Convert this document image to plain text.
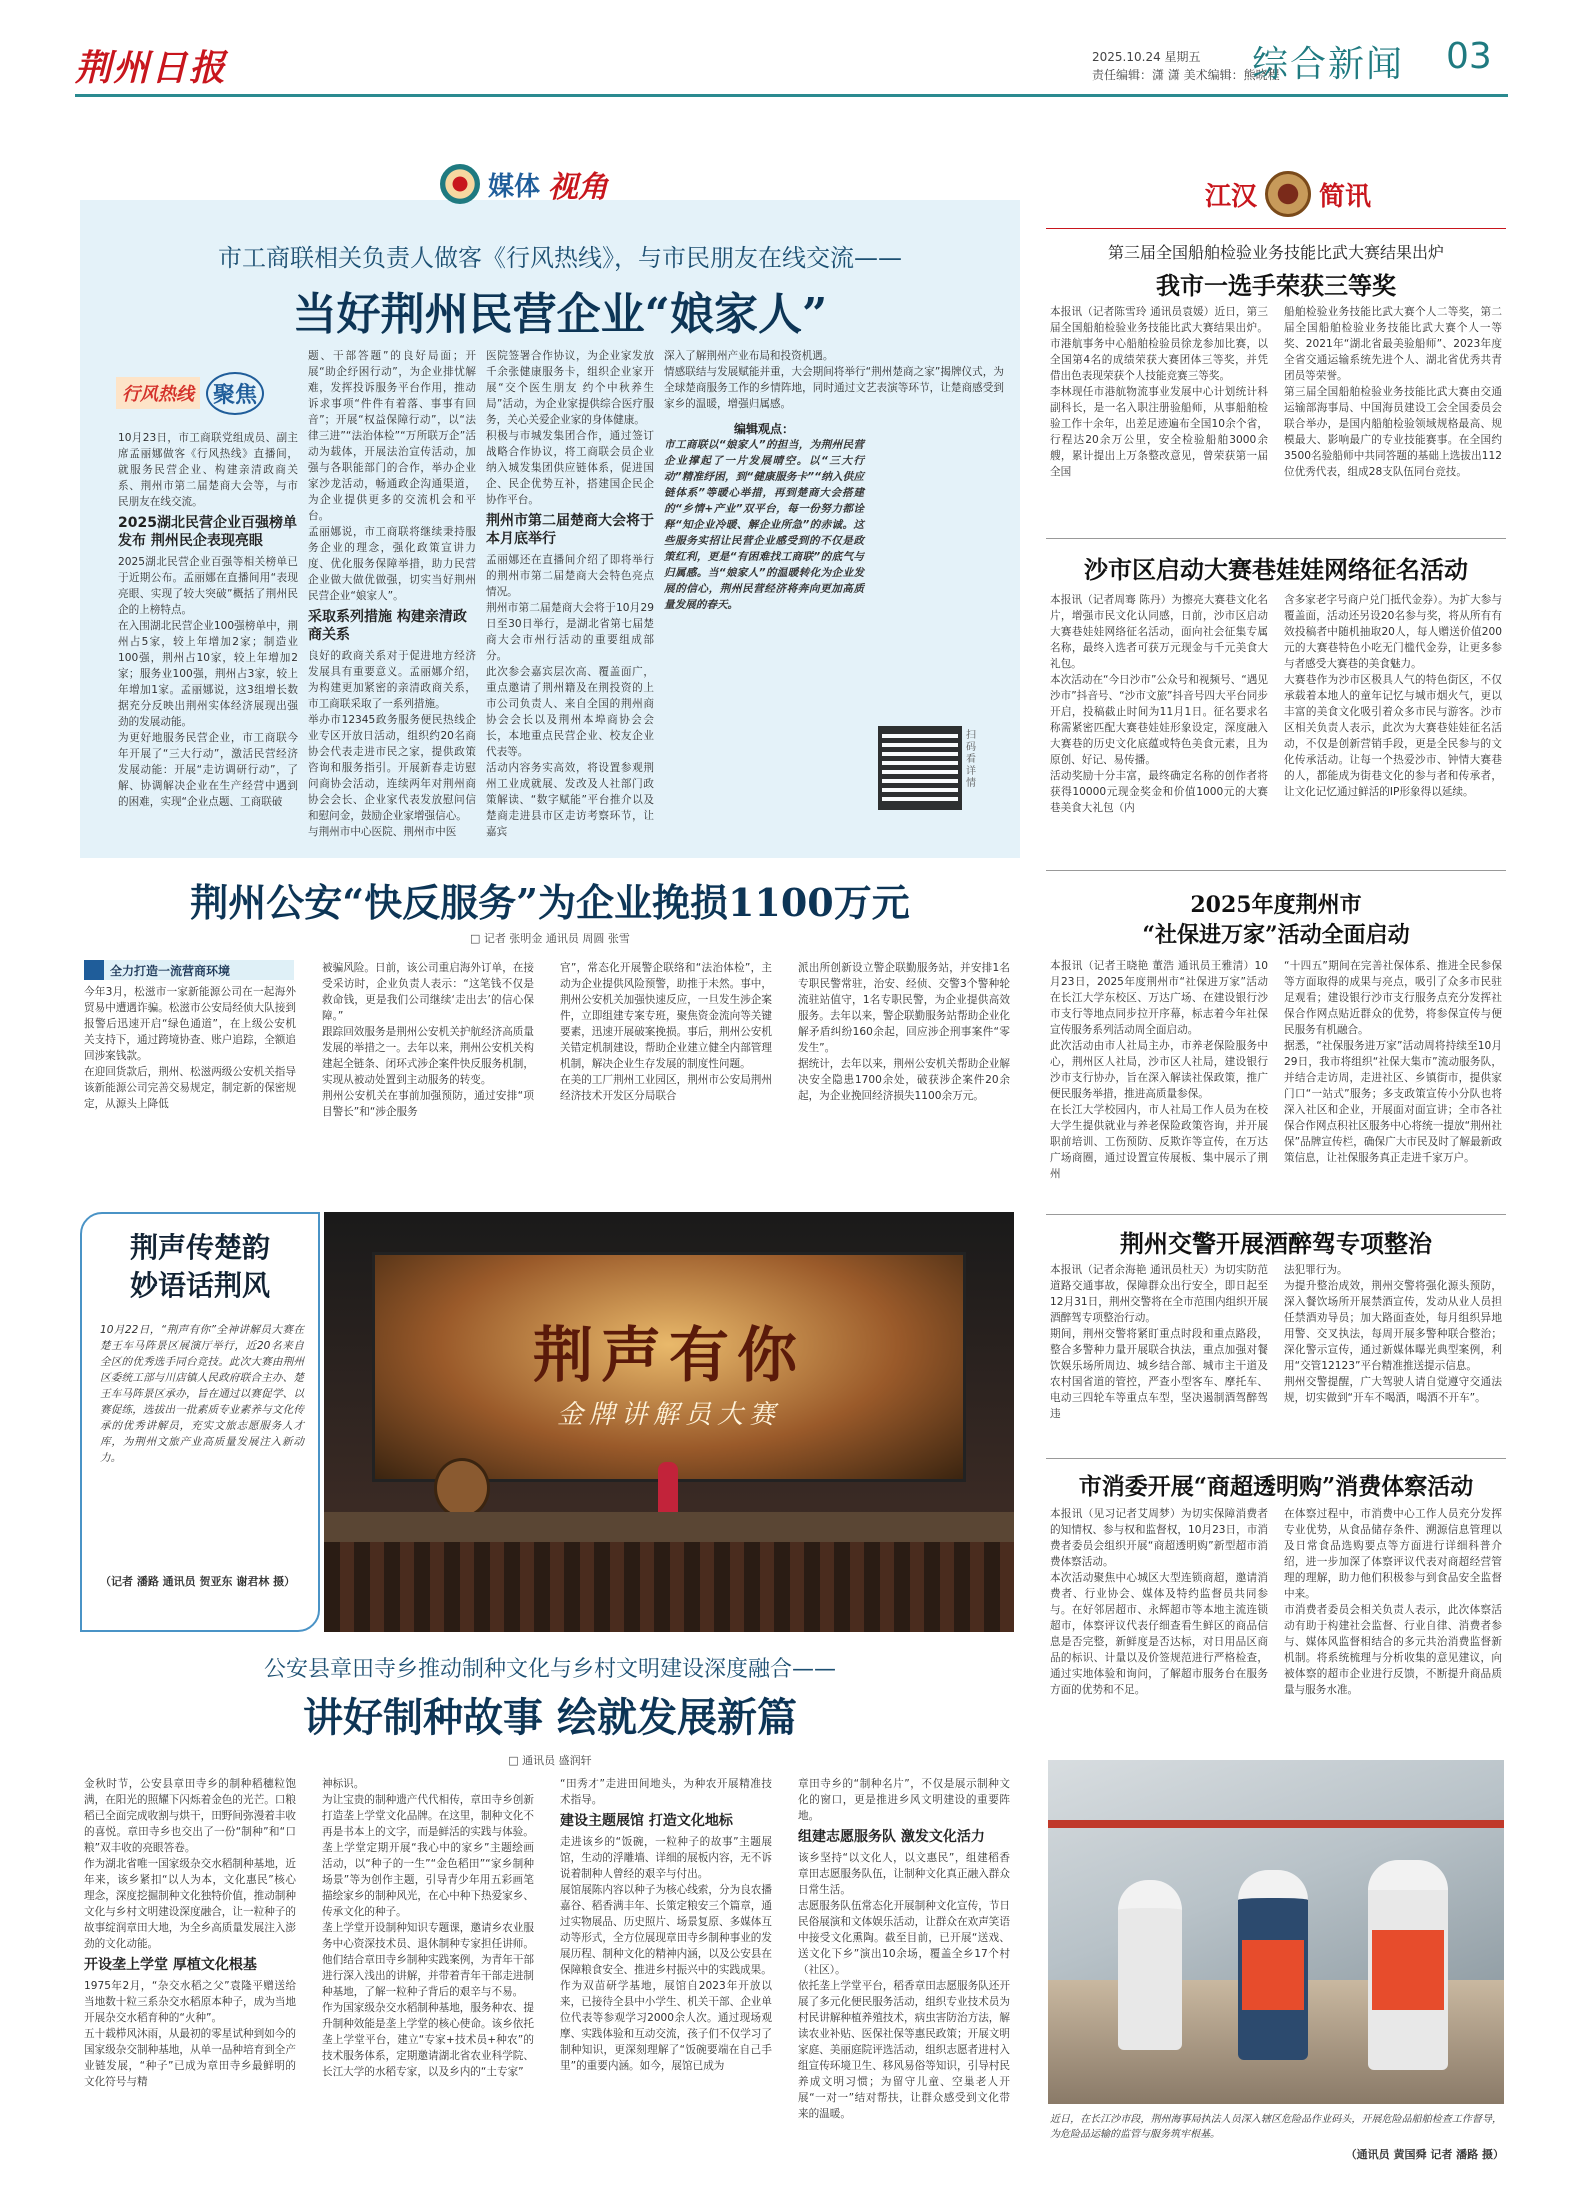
荆州日报	2025.10.24 星期五
责任编辑：潇 潇 美术编辑：熊晓程
综合新闻 03
媒体 视角
市工商联相关负责人做客《行风热线》，与市民朋友在线交流——
当好荆州民营企业“娘家人”
行风热线 聚焦

10月23日，市工商联党组成员、副主席孟丽娜做客《行风热线》直播间，就服务民营企业、构建亲清政商关系、荆州市第二届楚商大会等，与市民朋友在线交流。

2025湖北民营企业百强榜单发布 荆州民企表现亮眼

2025湖北民营企业百强等相关榜单已于近期公布。孟丽娜在直播间用“表现亮眼、实现了较大突破”概括了荆州民企的上榜特点。

在入围湖北民营企业100强榜单中，荆州占5家，较上年增加2家；制造业100强，荆州占10家，较上年增加2家；服务业100强，荆州占3家，较上年增加1家。孟丽娜说，这3组增长数据充分反映出荆州实体经济展现出强劲的发展动能。

为更好地服务民营企业，市工商联今年开展了“三大行动”，激活民营经济发展动能：开展“走访调研行动”，了解、协调解决企业在生产经营中遇到的困难，实现“企业点题、工商联破

题、干部答题”的良好局面；开展“助企纾困行动”，为企业排忧解难，发挥投诉服务平台作用，推动诉求事项“件件有着落、事事有回音”；开展“权益保障行动”，以“法律三进”“法治体检”“万所联万企”活动为载体，开展法治宣传活动，加强与各职能部门的合作，举办企业家沙龙活动，畅通政企沟通渠道，为企业提供更多的交流机会和平台。

孟丽娜说，市工商联将继续秉持服务企业的理念，强化政策宣讲力度、优化服务保障举措，助力民营企业做大做优做强，切实当好荆州民营企业“娘家人”。

采取系列措施 构建亲清政商关系

良好的政商关系对于促进地方经济发展具有重要意义。孟丽娜介绍，为构建更加紧密的亲清政商关系，市工商联采取了一系列措施。

举办市12345政务服务便民热线企业专区开放日活动，组织约20名商协会代表走进市民之家，提供政策咨询和服务指引。开展新春走访慰问商协会活动，连续两年对荆州商协会会长、企业家代表发放慰问信和慰问金，鼓励企业家增强信心。

与荆州市中心医院、荆州市中医

医院签署合作协议，为企业家发放千余张健康服务卡，组织企业家开展“交个医生朋友 约个中秋养生局”活动，为企业家提供综合医疗服务，关心关爱企业家的身体健康。

积极与市城发集团合作，通过签订战略合作协议，将工商联会员企业纳入城发集团供应链体系，促进国企、民企优势互补，搭建国企民企协作平台。

荆州市第二届楚商大会将于本月底举行

孟丽娜还在直播间介绍了即将举行的荆州市第二届楚商大会特色亮点情况。

荆州市第二届楚商大会将于10月29日至30日举行，是湖北省第七届楚商大会市州行活动的重要组成部分。

此次参会嘉宾层次高、覆盖面广，重点邀请了荆州籍及在荆投资的上市公司负责人、来自全国的荆州商协会会长以及荆州本埠商协会会长，本地重点民营企业、校友企业代表等。

活动内容务实高效，将设置参观荆州工业成就展、发改及人社部门政策解读、“数字赋能”平台推介以及楚商走进县市区走访考察环节，让嘉宾

深入了解荆州产业布局和投资机遇。

情感联结与发展赋能并重，大会期间将举行“荆州楚商之家”揭牌仪式，为全球楚商服务工作的乡情阵地，同时通过文艺表演等环节，让楚商感受到家乡的温暖，增强归属感。

编辑观点：

市工商联以“娘家人”的担当，为荆州民营企业撑起了一片发展晴空。以“三大行动”精准纾困，到“健康服务卡”“纳入供应链体系”等暖心举措，再到楚商大会搭建的“乡情+产业”双平台，每一份努力都诠释“知企业冷暖、解企业所急”的赤诚。这些服务实招让民营企业感受到的不仅是政策红利，更是“有困难找工商联”的底气与归属感。当“娘家人”的温暖转化为企业发展的信心，荆州民营经济将奔向更加高质量发展的春天。

扫码看详情
荆州公安“快反服务”为企业挽损1100万元
□ 记者 张明金 通讯员 周圆 张雪
全力打造一流营商环境

今年3月，松滋市一家新能源公司在一起海外贸易中遭遇诈骗。松滋市公安局经侦大队接到报警后迅速开启“绿色通道”，在上级公安机关支持下，通过跨境协查、账户追踪，全额追回涉案钱款。

在迎回货款后，荆州、松滋两级公安机关指导该新能源公司完善交易规定，制定新的保密规定，从源头上降低

被骗风险。日前，该公司重启海外订单，在接受采访时，企业负责人表示：“这笔钱不仅是救命钱，更是我们公司继续‘走出去’的信心保障。”

跟踪回效服务是荆州公安机关护航经济高质量发展的举措之一。去年以来，荆州公安机关构建起全链条、闭环式涉企案件快反服务机制，实现从被动处置到主动服务的转变。

荆州公安机关在事前加强预防，通过安排“项目警长”和“涉企服务

官”，常态化开展警企联络和“法治体检”，主动为企业提供风险预警，助推于未然。事中，荆州公安机关加强快速反应，一旦发生涉企案件，立即组建专案专班，聚焦资金流向等关键要素，迅速开展破案挽损。事后，荆州公安机关错定机制建设，帮助企业建立健全内部管理机制，解决企业生存发展的制度性问题。

在美的工厂荆州工业园区，荆州市公安局荆州经济技术开发区分局联合

派出所创新设立警企联勤服务站，并安排1名专职民警常驻，治安、经侦、交警3个警种轮流驻站值守，1名专职民警，为企业提供高效服务。去年以来，警企联勤服务站帮助企业化解矛盾纠纷160余起，回应涉企刑事案件“零发生”。

据统计，去年以来，荆州公安机关帮助企业解决安全隐患1700余处，破获涉企案件20余起，为企业挽回经济损失1100余万元。

荆声传楚韵
妙语话荆风

10月22日，“荆声有你”全神讲解员大赛在楚王车马阵景区展演厅举行，近20名来自全区的优秀选手同台竞技。此次大赛由荆州区委统工部与川店镇人民政府联合主办、楚王车马阵景区承办，旨在通过以赛促学、以赛促练，选拔出一批素质专业素养与文化传承的优秀讲解员，充实文旅志愿服务人才库，为荆州文旅产业高质量发展注入新动力。

（记者 潘路 通讯员 贺亚东 谢君林 摄）
荆声有你
金牌讲解员大赛
公安县章田寺乡推动制种文化与乡村文明建设深度融合——
讲好制种故事 绘就发展新篇
□ 通讯员 盛润轩

金秋时节，公安县章田寺乡的制种稻穗粒饱满，在阳光的照耀下闪烁着金色的光芒。口粮稻已全面完成收割与烘干，田野间弥漫着丰收的喜悦。章田寺乡也交出了一份“制种”和“口粮”双丰收的亮眼答卷。

作为湖北省唯一国家级杂交水稻制种基地，近年来，该乡紧扣“以人为本，文化惠民”核心理念，深度挖掘制种文化独特价值，推动制种文化与乡村文明建设深度融合，让一粒种子的故事绽润章田大地，为全乡高质量发展注入澎劲的文化动能。

开设垄上学堂 厚植文化根基

1975年2月，“杂交水稻之父”袁隆平赠送给当地数十粒三系杂交水稻原本种子，成为当地开展杂交水稻育种的“火种”。

五十载栉风沐雨，从最初的零星试种到如今的国家级杂交制种基地，从单一品种培育到全产业链发展，“种子”已成为章田寺乡最鲜明的文化符号与精

神标识。

为让宝贵的制种遗产代代相传，章田寺乡创新打造垄上学堂文化品牌。在这里，制种文化不再是书本上的文字，而是鲜活的实践与体验。

垄上学堂定期开展“我心中的家乡”主题绘画活动，以“种子的一生”“金色稻田”“家乡制种场景”等为创作主题，引导青少年用五彩画笔描绘家乡的制种风光，在心中种下热爱家乡、传承文化的种子。

垄上学堂开设制种知识专题课，邀请乡农业服务中心资深技术员、退休制种专家担任讲师。他们结合章田寺乡制种实践案例，为青年干部进行深入浅出的讲解，并带着青年干部走进制种基地，了解一粒种子背后的艰辛与不易。

作为国家级杂交水稻制种基地，服务种农、提升制种效能是垄上学堂的核心使命。该乡依托垄上学堂平台，建立“专家+技术员+种农”的技术服务体系，定期邀请湖北省农业科学院、长江大学的水稻专家，以及乡内的“土专家”

“田秀才”走进田间地头，为种农开展精准技术指导。

建设主题展馆 打造文化地标

走进该乡的“饭碗，一粒种子的故事”主题展馆，生动的浮雕墙、详细的展板内容，无不诉说着制种人曾经的艰辛与付出。

展馆展陈内容以种子为核心线索，分为良农播嘉谷、稻香满丰年、长策定粮安三个篇章，通过实物展品、历史照片、场景复原、多媒体互动等形式，全方位展现章田寺乡制种事业的发展历程、制种文化的精神内涵，以及公安县在保障粮食安全、推进乡村振兴中的实践成果。

作为双苗研学基地，展馆自2023年开放以来，已接待全县中小学生、机关干部、企业单位代表等参观学习2000余人次。通过现场观摩、实践体验和互动交流，孩子们不仅学习了制种知识，更深刻理解了“饭碗要端在自己手里”的重要内涵。如今，展馆已成为

章田寺乡的“制种名片”，不仅是展示制种文化的窗口，更是推进乡风文明建设的重要阵地。

组建志愿服务队 激发文化活力

该乡坚持“以文化人，以文惠民”，组建稻香章田志愿服务队伍，让制种文化真正融入群众日常生活。

志愿服务队伍常态化开展制种文化宣传，节日民俗展演和文体娱乐活动，让群众在欢声笑语中接受文化熏陶。截至目前，已开展“送戏、送文化下乡”演出10余场，覆盖全乡17个村（社区）。

依托垄上学堂平台，稻香章田志愿服务队还开展了多元化便民服务活动，组织专业技术员为村民讲解种植养殖技术，病虫害防治方法，解读农业补贴、医保社保等惠民政策；开展文明家庭、美丽庭院评选活动，组织志愿者进村入组宣传环境卫生、移风易俗等知识，引导村民养成文明习惯；为留守儿童、空巢老人开展“一对一”结对帮扶，让群众感受到文化带来的温暖。

江汉 简讯
第三届全国船舶检验业务技能比武大赛结果出炉
我市一选手荣获三等奖

本报讯（记者陈雪玲 通讯员袁媛）近日，第三届全国船舶检验业务技能比武大赛结果出炉。市港航事务中心船舶检验员徐龙参加比赛，以全国第4名的成绩荣获大赛团体三等奖，并凭借出色表现荣获个人技能竞赛三等奖。

李林现任市港航物流事业发展中心计划统计科副科长，是一名入职注册验船师，从事船舶检验工作十余年，出差足迹遍布全国10余个省，行程达20余万公里，安全检验船舶3000余艘，累计提出上万条整改意见，曾荣获第一届全国

船舶检验业务技能比武大赛个人二等奖，第二届全国船舶检验业务技能比武大赛个人一等奖、2021年“湖北省最美验船师”、2023年度全省交通运输系统先进个人、湖北省优秀共青团员等荣誉。

第三届全国船舶检验业务技能比武大赛由交通运输部海事局、中国海员建设工会全国委员会联合举办，是国内船舶检验领域规格最高、规模最大、影响最广的专业技能赛事。在全国约3500名验船师中共同答题的基础上选拔出112位优秀代表，组成28支队伍同台竞技。

沙市区启动大赛巷娃娃网络征名活动

本报讯（记者周骞 陈丹）为擦亮大赛巷文化名片，增强市民文化认同感，日前，沙市区启动大赛巷娃娃网络征名活动，面向社会征集专属名称，最终入选者可获万元现金与千元美食大礼包。

本次活动在“今日沙市”公众号和视频号、“遇见沙市”抖音号、“沙市文旅”抖音号四大平台同步开启，投稿截止时间为11月1日。征名要求名称需紧密匹配大赛巷娃娃形象设定，深度融入大赛巷的历史文化底蕴或特色美食元素，且为原创、好记、易传播。

活动奖励十分丰富，最终确定名称的创作者将获得10000元现金奖金和价值1000元的大赛巷美食大礼包（内

含多家老字号商户兑门抵代金券）。为扩大参与覆盖面，活动还另设20名参与奖，将从所有有效投稿者中随机抽取20人，每人赠送价值200元的大赛巷特色小吃无门槛代金券，让更多参与者感受大赛巷的美食魅力。

大赛巷作为沙市区极具人气的特色街区，不仅承载着本地人的童年记忆与城市烟火气，更以丰富的美食文化吸引着众多市民与游客。沙市区相关负责人表示，此次为大赛巷娃娃征名活动，不仅是创新营销手段，更是全民参与的文化传承活动。让每一个热爱沙市、钟情大赛巷的人，都能成为街巷文化的参与者和传承者，让文化记忆通过鲜活的IP形象得以延续。

2025年度荆州市
“社保进万家”活动全面启动

本报讯（记者王晓艳 董浩 通讯员王雅清）10月23日，2025年度荆州市“社保进万家”活动在长江大学东校区、万达广场、在建设银行沙市支行等地点同步拉开序幕，标志着今年社保宣传服务系列活动周全面启动。

此次活动由市人社局主办，市养老保险服务中心，荆州区人社局，沙市区人社局，建设银行沙市支行协办，旨在深入解读社保政策，推广便民服务举措，推进高质量参保。

在长江大学校园内，市人社局工作人员为在校大学生提供就业与养老保险政策咨询，并开展职前培训、工伤预防、反欺诈等宣传，在万达广场商圈，通过设置宣传展板、集中展示了荆州

“十四五”期间在完善社保体系、推进全民参保等方面取得的成果与亮点，吸引了众多市民驻足观看；建设银行沙市支行服务点充分发挥社保合作网点贴近群众的优势，将参保宣传与便民服务有机融合。

据悉，“社保服务进万家”活动周将持续至10月29日，我市将组织“社保大集市”流动服务队，并结合走访周，走进社区、乡镇街市，提供家门口“一站式”服务；多支政策宣传小分队也将深入社区和企业，开展面对面宣讲；全市各社保合作网点积社区服务中心将统一提放“荆州社保”品牌宣传栏，确保广大市民及时了解最新政策信息，让社保服务真正走进千家万户。

荆州交警开展酒醉驾专项整治

本报讯（记者余海艳 通讯员杜天）为切实防范道路交通事故，保障群众出行安全，即日起至12月31日，荆州交警将在全市范围内组织开展酒醉驾专项整治行动。

期间，荆州交警将紧盯重点时段和重点路段，整合多警种力量开展联合执法，重点加强对餐饮娱乐场所周边、城乡结合部、城市主干道及农村国省道的管控，严查小型客车、摩托车、电动三四轮车等重点车型，坚决遏制酒驾醉驾违

法犯罪行为。

为提升整治成效，荆州交警将强化源头预防，深入餐饮场所开展禁酒宣传，发动从业人员担任禁酒劝导员；加大路面查处，每月组织异地用警、交叉执法，每周开展多警种联合整治；深化警示宣传，通过新媒体曝光典型案例，利用“交管12123”平台精准推送提示信息。

荆州交警提醒，广大驾驶人请自觉遵守交通法规，切实做到“开车不喝酒，喝酒不开车”。

市消委开展“商超透明购”消费体察活动

本报讯（见习记者艾周梦）为切实保障消费者的知情权、参与权和监督权，10月23日，市消费者委员会组织开展“商超透明购”新型超市消费体察活动。

本次活动聚焦中心城区大型连锁商超，邀请消费者、行业协会、媒体及特约监督员共同参与。在好邻居超市、永辉超市等本地主流连锁超市，体察评议代表仔细查看生鲜区的商品信息是否完整，新鲜度是否达标，对日用品区商品的标识、计量以及价签规范进行严格检查，通过实地体验和询问，了解超市服务台在服务方面的优势和不足。

在体察过程中，市消费中心工作人员充分发挥专业优势，从食品储存条件、溯源信息管理以及日常食品选购要点等方面进行详细科普介绍，进一步加深了体察评议代表对商超经营管理的理解，助力他们积极参与到食品安全监督中来。

市消费者委员会相关负责人表示，此次体察活动有助于构建社会监督、行业自律、消费者参与、媒体风监督相结合的多元共治消费监督新机制。将系统梳理与分析收集的意见建议，向被体察的超市企业进行反馈，不断提升商品质量与服务水准。

近日，在长江沙市段，荆州海事局执法人员深入辖区危险品作业码头，开展危险品船舶检查工作督导，为危险品运输的监管与服务筑牢根基。

（通讯员 黄国舜 记者 潘路 摄）
